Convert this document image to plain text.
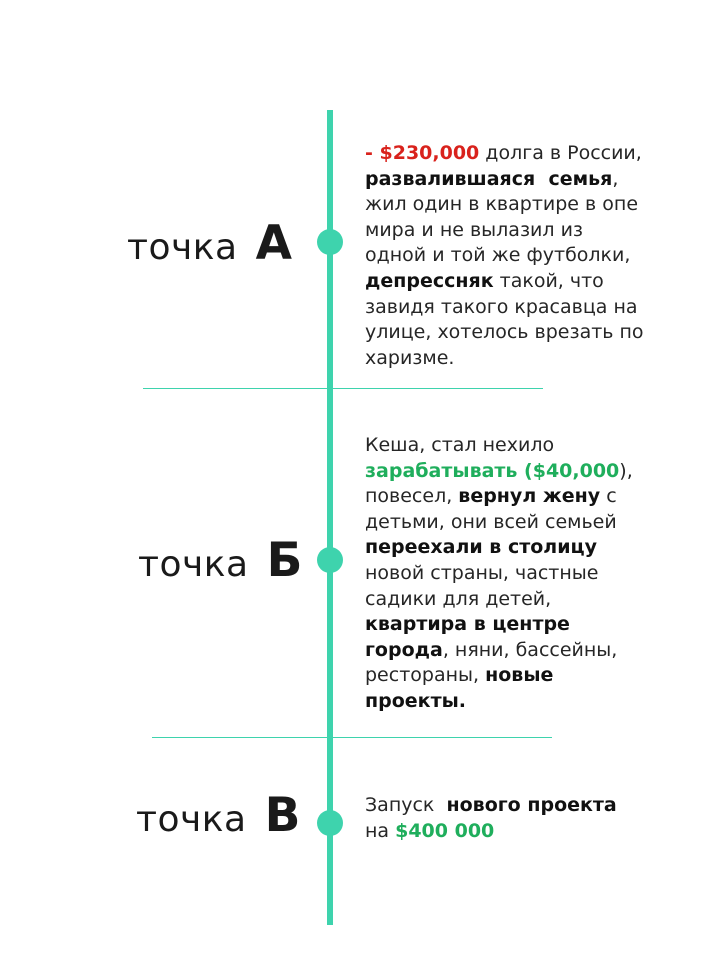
точка А
точка Б
точка В
- $230,000 долга в России,
развалившаяся  семья,
жил один в квартире в опе
мира и не вылазил из
одной и той же футболки,
депрессняк такой, что
завидя такого красавца на
улице, хотелось врезать по
харизме.
Кеша, стал нехило
зарабатывать ($40,000),
повесел, вернул жену с
детьми, они всей семьей
переехали в столицу
новой страны, частные
садики для детей,
квартира в центре
города, няни, бассейны,
рестораны, новые
проекты.
Запуск  нового проекта
на $400 000
